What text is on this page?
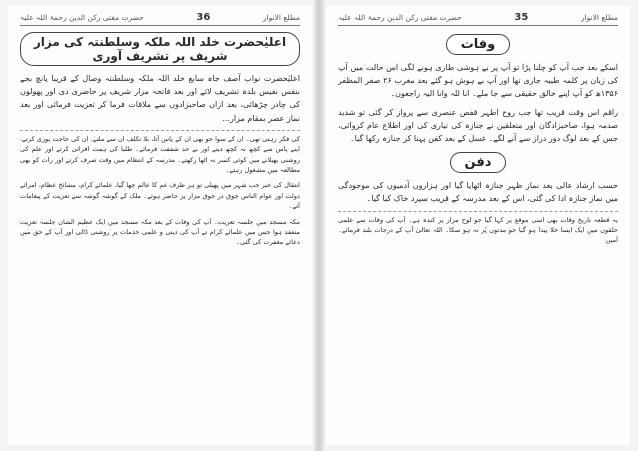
مطلع الانوار
36
حضرت مفتی رکن الدین رحمۃ اللہ علیہ
اعلیٰحضرت خلد اللہ ملکہ وسلطنتہ کی مزار شریف پر تشریف آوری

اعلیٰحضرت نواب آصف جاہ سابع خلد اللہ ملکہ وسلطنتہ وصال کے قریبا پانچ بجے بنفس نفیس بلدہ تشریف لائے اور بعد فاتحہ مزار شریف پر حاضری دی اور پھولوں کی چادر چڑھائی، بعد ازاں صاحبزادوں سے ملاقات فرما کر تعزیت فرمائی اور بعد نماز عصر بمقام مزار...

کی فکر رہتی تھی۔ ان کے سوا جو بھی ان کے پاس آتا، بلا تکلف ان سے ملتے، ان کی حاجت پوری کرتے، اپنے پاس سے کچھ نہ کچھ دیتے اور بے حد شفقت فرماتے۔ طلبا کی ہمت افزائی کرتے اور علم کی روشنی پھیلانے میں کوئی کسر نہ اٹھا رکھتے۔ مدرسہ کے انتظام میں وقت صرف کرتے اور رات کو بھی مطالعہ میں مشغول رہتے۔

انتقال کی خبر جب شہر میں پھیلی تو ہر طرف غم کا عالم چھا گیا، علمائے کرام، مشائخ عظام، امرائے دولت اور عوام الناس جوق در جوق مزار پر حاضر ہوئے۔ ملک کے گوشہ گوشہ سے تعزیت کے پیغامات آئے۔

مکہ مسجد میں جلسہ تعزیت۔ آپ کی وفات کے بعد مکہ مسجد میں ایک عظیم الشان جلسہ تعزیت منعقد ہوا جس میں علمائے کرام نے آپ کی دینی و علمی خدمات پر روشنی ڈالی اور آپ کے حق میں دعائے مغفرت کی گئی۔

مطلع الانوار
35
حضرت مفتی رکن الدین رحمۃ اللہ علیہ
وفات

اسکے بعد جب آپ کو چلنا پڑا تو آپ پر بے ہوشی طاری ہونے لگی اس حالت میں آپ کی زبان پر کلمہ طیبہ جاری تھا اور آپ بے ہوش ہو گئے بعد مغرب ۲۶ صفر المظفر ۱۳۵۶ھ کو آپ اپنے خالق حقیقی سے جا ملے۔ انا للہ وانا الیہ راجعون۔

راقم اس وقت قریب تھا جب روح اطہر قفص عنصری سے پرواز کر گئی تو شدید صدمہ ہوا، صاحبزادگان اور متعلقین نے جنازہ کی تیاری کی اور اطلاع عام کروائی، جس کے بعد لوگ دور دراز سے آنے لگے۔ غسل کے بعد کفن پہنا کر جنازہ رکھا گیا۔

دفن

حسب ارشاد عالی بعد نماز ظہر جنازہ اٹھایا گیا اور ہزاروں آدمیوں کی موجودگی میں نماز جنازہ ادا کی گئی، اس کے بعد مدرسہ کے قریب سپرد خاک کیا گیا۔

یہ قطعہ تاریخ وفات بھی اسی موقع پر کہا گیا جو لوح مزار پر کندہ ہے۔ آپ کی وفات سے علمی حلقوں میں ایک ایسا خلا پیدا ہو گیا جو مدتوں پُر نہ ہو سکا۔ اللہ تعالیٰ آپ کے درجات بلند فرمائے۔ آمین
